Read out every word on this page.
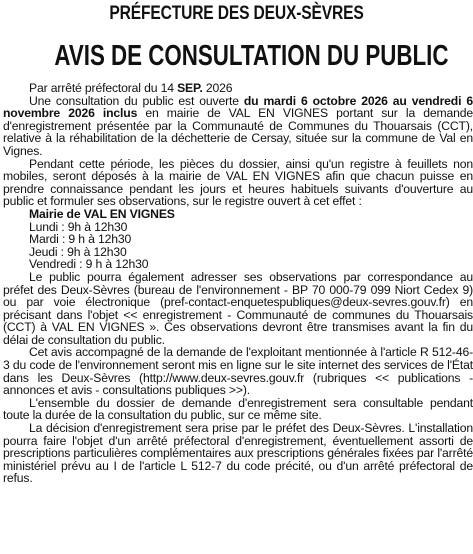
PRÉFECTURE DES DEUX-SÈVRES
AVIS DE CONSULTATION DU PUBLIC

Par arrêté préfectoral du 14 SEP. 2026

Une consultation du public est ouverte du mardi 6 octobre 2026 au vendredi 6 novembre 2026 inclus en mairie de VAL EN VIGNES portant sur la demande d'enregistrement présentée par la Communauté de Communes du Thouarsais (CCT), relative à la réhabilitation de la déchetterie de Cersay, située sur la commune de Val en Vignes.

Pendant cette période, les pièces du dossier, ainsi qu'un registre à feuillets non mobiles, seront déposés à la mairie de VAL EN VIGNES afin que chacun puisse en prendre connaissance pendant les jours et heures habituels suivants d'ouverture au public et formuler ses observations, sur le registre ouvert à cet effet :

Mairie de VAL EN VIGNES
Lundi : 9h à 12h30
Mardi : 9 h à 12h30
Jeudi : 9h à 12h30
Vendredi : 9 h à 12h30

Le public pourra également adresser ses observations par correspondance au préfet des Deux-Sèvres (bureau de l'environnement - BP 70 000-79 099 Niort Cedex 9) ou par voie électronique (pref-contact-enquetespubliques@deux-sevres.gouv.fr) en précisant dans l'objet << enregistrement - Communauté de communes du Thouarsais (CCT) à VAL EN VIGNES ». Ces observations devront être transmises avant la fin du délai de consultation du public.

Cet avis accompagné de la demande de l'exploitant mentionnée à l'article R 512-46-3 du code de l'environnement seront mis en ligne sur le site internet des services de l'État dans les Deux-Sèvres (http://www.deux-sevres.gouv.fr (rubriques << publications - annonces et avis - consultations publiques >>).

L'ensemble du dossier de demande d'enregistrement sera consultable pendant toute la durée de la consultation du public, sur ce même site.

La décision d'enregistrement sera prise par le préfet des Deux-Sèvres. L'installation pourra faire l'objet d'un arrêté préfectoral d'enregistrement, éventuellement assorti de prescriptions particulières complémentaires aux prescriptions générales fixées par l'arrêté ministériel prévu au I de l'article L 512-7 du code précité, ou d'un arrêté préfectoral de refus.
